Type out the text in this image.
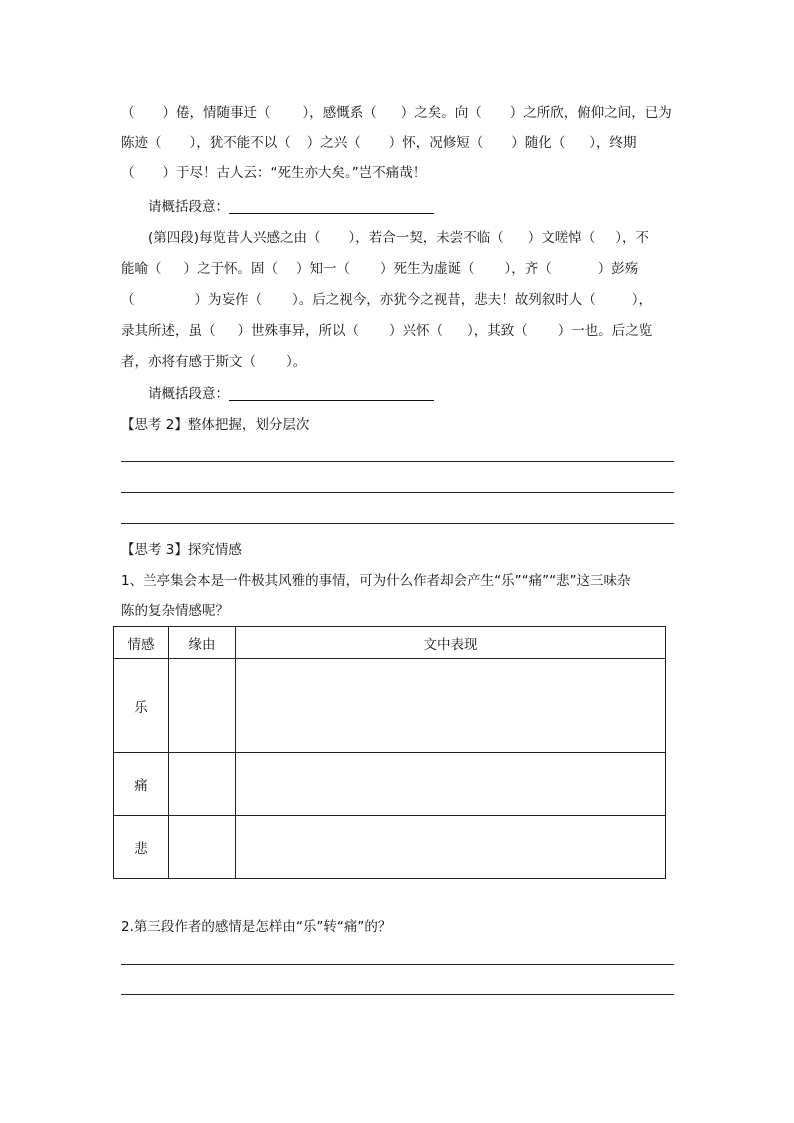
（ ）倦，情随事迁（ ），感慨系（ ）之矣。向（ ）之所欣，俯仰之间，已为
陈迹（ ），犹不能不以（ ）之兴（ ）怀，况修短（ ）随化（ ），终期
（ ）于尽！古人云：“死生亦大矣。”岂不痛哉！
请概括段意：
(第四段)每览昔人兴感之由（ ），若合一契，未尝不临（ ）文嗟悼（ ），不
能喻（ ）之于怀。固（ ）知一（ ）死生为虚诞（ ），齐（	）彭殇
（	）为妄作（ ）。后之视今，亦犹今之视昔，悲夫！故列叙时人（	），
录其所述，虽（ ）世殊事异，所以（ ）兴怀（ ），其致（ ）一也。后之览
者，亦将有感于斯文（ ）。
请概括段意：
【思考 2】整体把握，划分层次
【思考 3】探究情感
1、兰亭集会本是一件极其风雅的事情，可为什么作者却会产生“乐”“痛”“悲”这三味杂
陈的复杂情感呢？
情感	缘由	文中表现
乐		
痛		
悲		
2.第三段作者的感情是怎样由“乐”转“痛”的？
